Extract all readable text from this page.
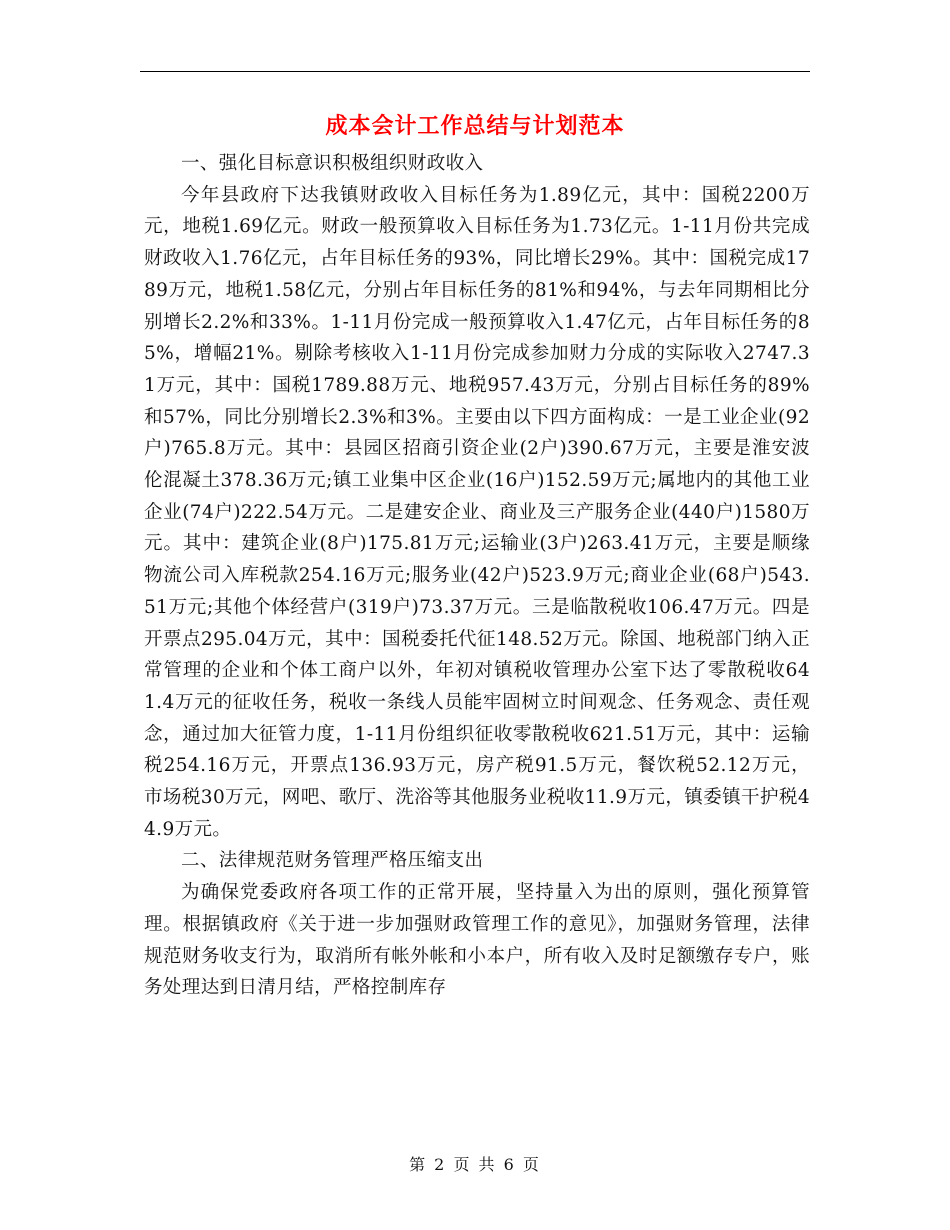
成本会计工作总结与计划范本

一、强化目标意识积极组织财政收入

今年县政府下达我镇财政收入目标任务为1.89亿元，其中：国税2200万元，地税1.69亿元。财政一般预算收入目标任务为1.73亿元。1-11月份共完成财政收入1.76亿元，占年目标任务的93%，同比增长29%。其中：国税完成1789万元，地税1.58亿元，分别占年目标任务的81%和94%，与去年同期相比分别增长2.2%和33%。1-11月份完成一般预算收入1.47亿元，占年目标任务的85%，增幅21%。剔除考核收入1-11月份完成参加财力分成的实际收入2747.31万元，其中：国税1789.88万元、地税957.43万元，分别占目标任务的89%和57%，同比分别增长2.3%和3%。主要由以下四方面构成：一是工业企业(92户)765.8万元。其中：县园区招商引资企业(2户)390.67万元，主要是淮安波伦混凝土378.36万元;镇工业集中区企业(16户)152.59万元;属地内的其他工业企业(74户)222.54万元。二是建安企业、商业及三产服务企业(440户)1580万元。其中：建筑企业(8户)175.81万元;运输业(3户)263.41万元，主要是顺缘物流公司入库税款254.16万元;服务业(42户)523.9万元;商业企业(68户)543.51万元;其他个体经营户(319户)73.37万元。三是临散税收106.47万元。四是开票点295.04万元，其中：国税委托代征148.52万元。除国、地税部门纳入正常管理的企业和个体工商户以外，年初对镇税收管理办公室下达了零散税收641.4万元的征收任务，税收一条线人员能牢固树立时间观念、任务观念、责任观念，通过加大征管力度，1-11月份组织征收零散税收621.51万元，其中：运输税254.16万元，开票点136.93万元，房产税91.5万元，餐饮税52.12万元，市场税30万元，网吧、歌厅、洗浴等其他服务业税收11.9万元，镇委镇干护税44.9万元。

二、法律规范财务管理严格压缩支出

为确保党委政府各项工作的正常开展，坚持量入为出的原则，强化预算管理。根据镇政府《关于进一步加强财政管理工作的意见》，加强财务管理，法律规范财务收支行为，取消所有帐外帐和小本户，所有收入及时足额缴存专户，账务处理达到日清月结，严格控制库存

第 2 页 共 6 页
